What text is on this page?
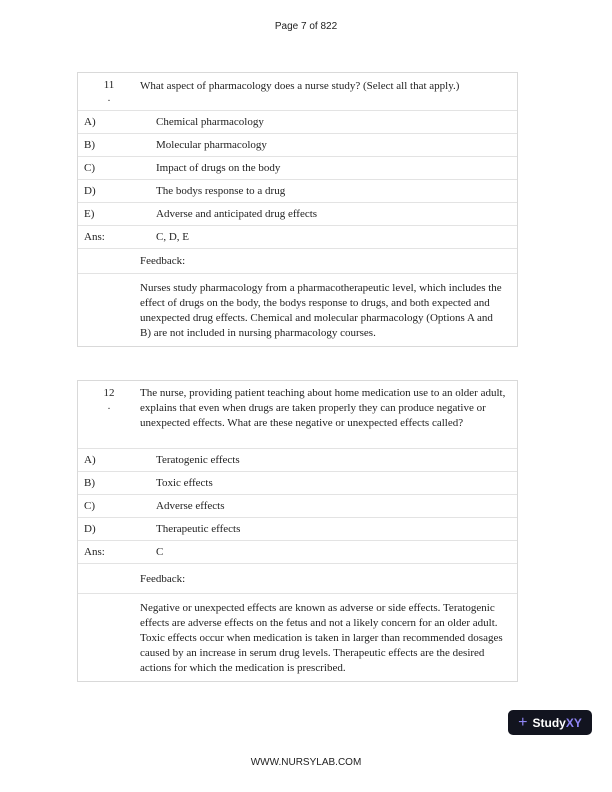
Page 7 of 822
11
.
What aspect of pharmacology does a nurse study? (Select all that apply.)
A)	Chemical pharmacology
B)	Molecular pharmacology
C)	Impact of drugs on the body
D)	The bodys response to a drug
E)	Adverse and anticipated drug effects
Ans:	C, D, E
Feedback:
Nurses study pharmacology from a pharmacotherapeutic level, which includes the effect of drugs on the body, the bodys response to drugs, and both expected and unexpected drug effects. Chemical and molecular pharmacology (Options A and B) are not included in nursing pharmacology courses.
12
.
The nurse, providing patient teaching about home medication use to an older adult, explains that even when drugs are taken properly they can produce negative or unexpected effects. What are these negative or unexpected effects called?
A)	Teratogenic effects
B)	Toxic effects
C)	Adverse effects
D)	Therapeutic effects
Ans:	C
Feedback:
Negative or unexpected effects are known as adverse or side effects. Teratogenic effects are adverse effects on the fetus and not a likely concern for an older adult. Toxic effects occur when medication is taken in larger than recommended dosages caused by an increase in serum drug levels. Therapeutic effects are the desired actions for which the medication is prescribed.
+ StudyXY
WWW.NURSYLAB.COM
